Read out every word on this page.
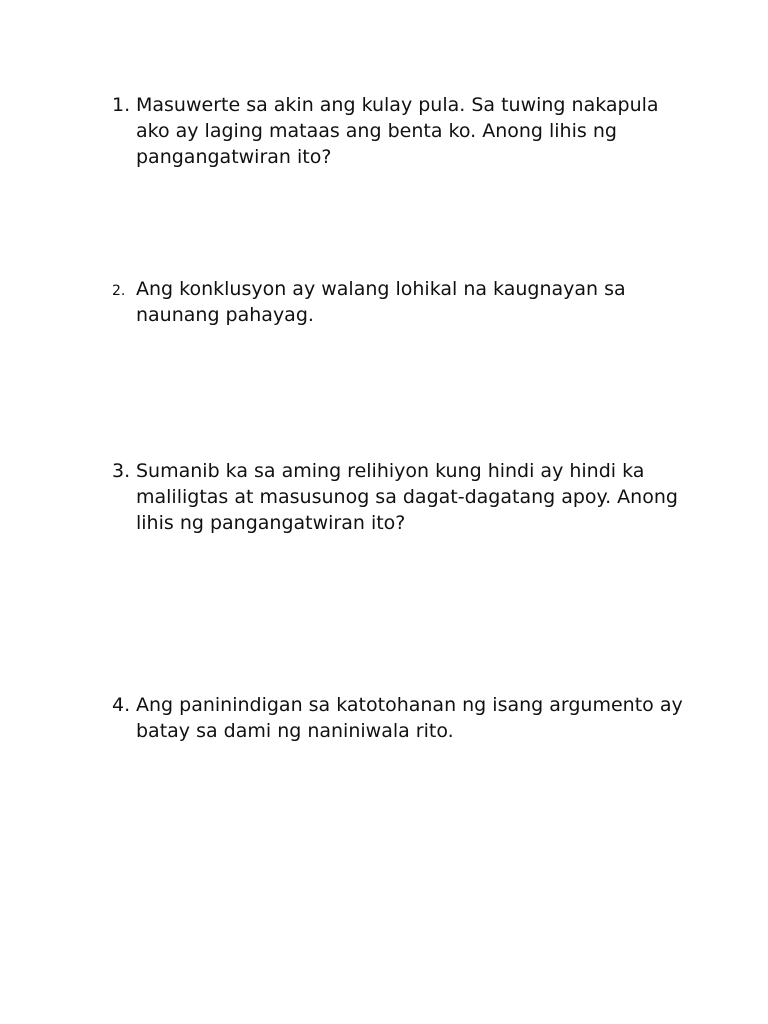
1. Masuwerte sa akin ang kulay pula. Sa tuwing nakapula ako ay laging mataas ang benta ko. Anong lihis ng pangangatwiran ito?
2. Ang konklusyon ay walang lohikal na kaugnayan sa naunang pahayag.
3. Sumanib ka sa aming relihiyon kung hindi ay hindi ka maliligtas at masusunog sa dagat-dagatang apoy. Anong lihis ng pangangatwiran ito?
4. Ang paninindigan sa katotohanan ng isang argumento ay batay sa dami ng naniniwala rito.
